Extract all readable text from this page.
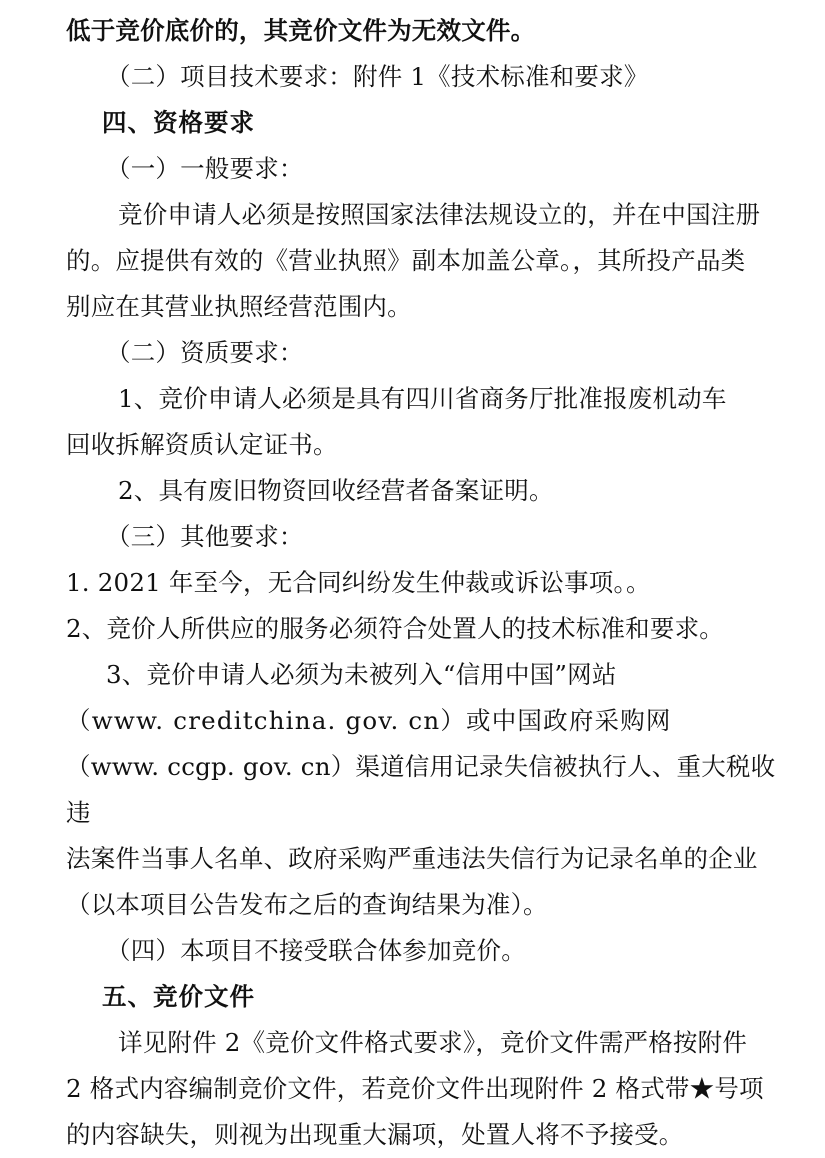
低于竞价底价的，其竞价文件为无效文件。
（二）项目技术要求：附件 1《技术标准和要求》
四、资格要求
（一）一般要求：
竞价申请人必须是按照国家法律法规设立的，并在中国注册
的。应提供有效的《营业执照》副本加盖公章。，其所投产品类
别应在其营业执照经营范围内。
（二）资质要求：
1、竞价申请人必须是具有四川省商务厅批准报废机动车
回收拆解资质认定证书。
2、具有废旧物资回收经营者备案证明。
（三）其他要求：
1. 2021 年至今，无合同纠纷发生仲裁或诉讼事项。。
2、竞价人所供应的服务必须符合处置人的技术标准和要求。
3、竞价申请人必须为未被列入“信用中国”网站
（www. creditchina. gov. cn）或中国政府采购网
（www. ccgp. gov. cn）渠道信用记录失信被执行人、重大税收违
法案件当事人名单、政府采购严重违法失信行为记录名单的企业
（以本项目公告发布之后的查询结果为准）。
（四）本项目不接受联合体参加竞价。
五、竞价文件
详见附件 2《竞价文件格式要求》，竞价文件需严格按附件
2 格式内容编制竞价文件，若竞价文件出现附件 2 格式带★号项
的内容缺失，则视为出现重大漏项，处置人将不予接受。
